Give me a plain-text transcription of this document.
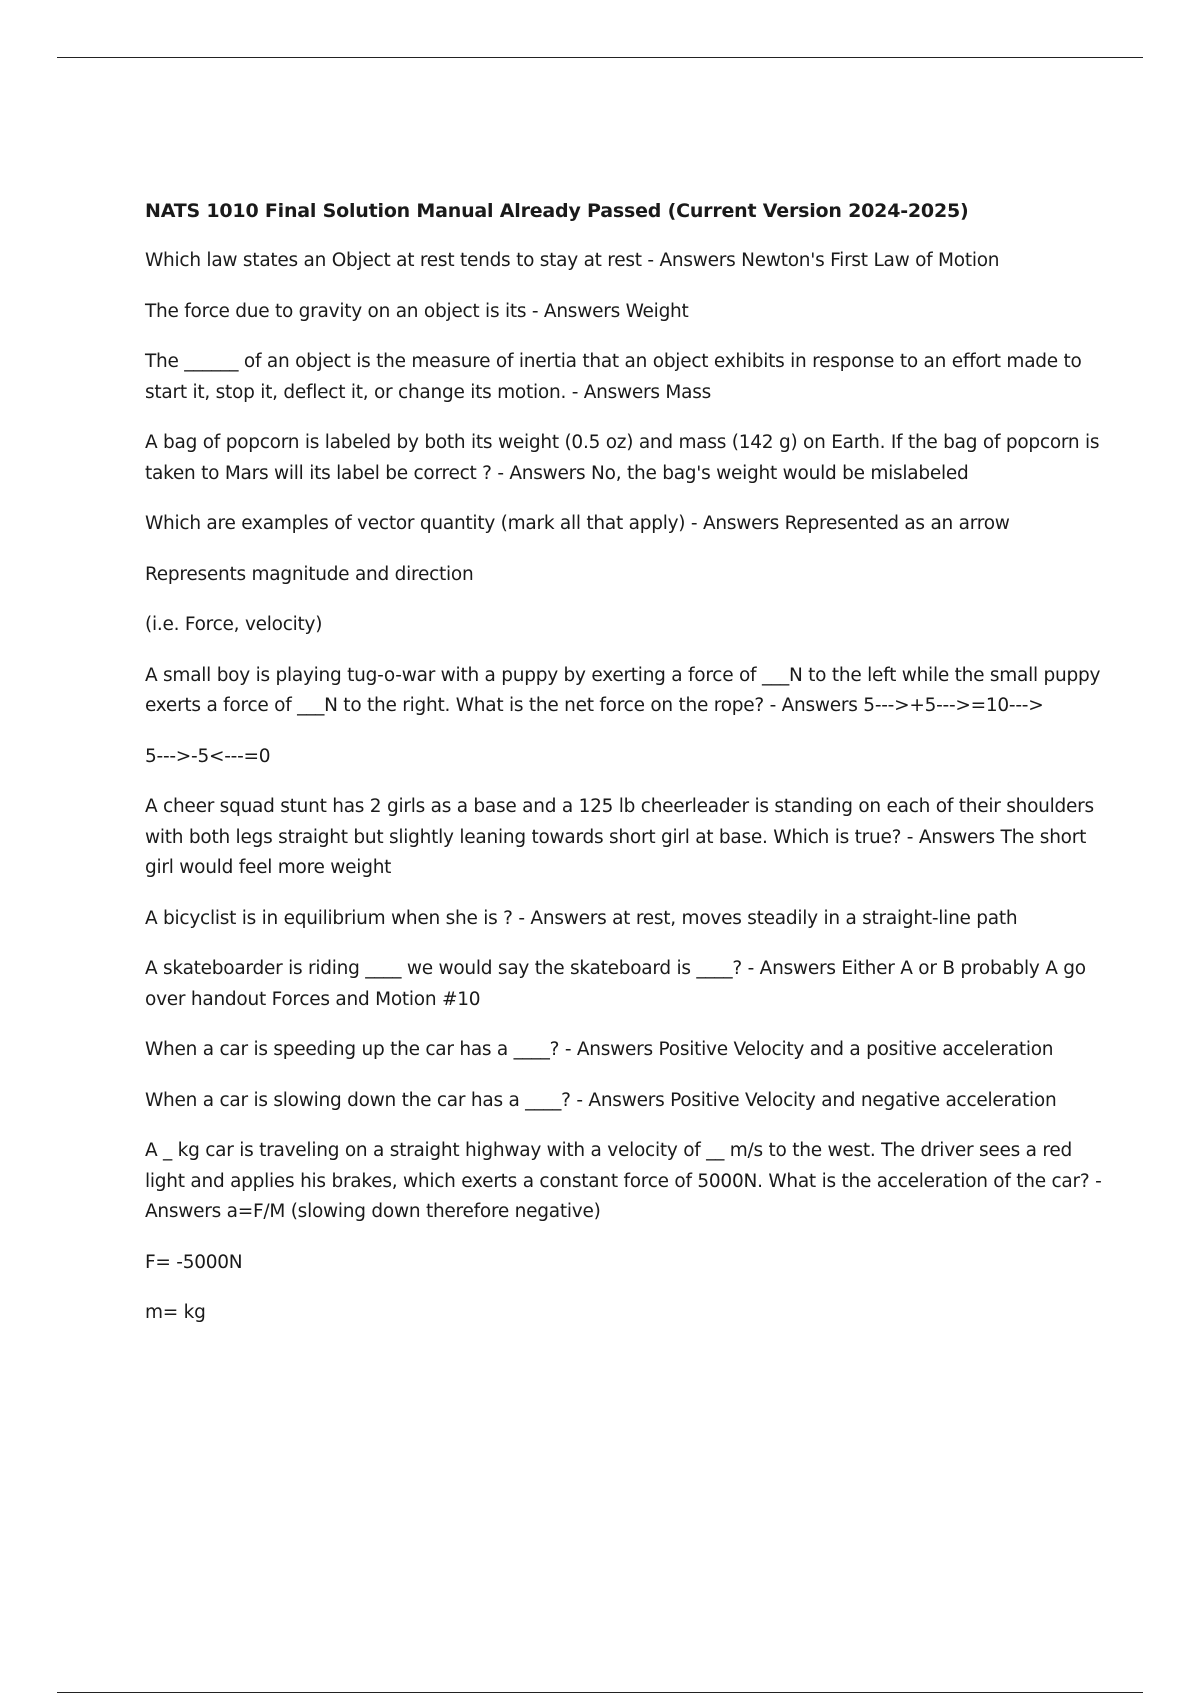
NATS 1010 Final Solution Manual Already Passed (Current Version 2024-2025)

Which law states an Object at rest tends to stay at rest - Answers Newton's First Law of Motion

The force due to gravity on an object is its - Answers Weight

The ______ of an object is the measure of inertia that an object exhibits in response to an effort made to start it, stop it, deflect it, or change its motion. - Answers Mass

A bag of popcorn is labeled by both its weight (0.5 oz) and mass (142 g) on Earth. If the bag of popcorn is taken to Mars will its label be correct ? - Answers No, the bag's weight would be mislabeled

Which are examples of vector quantity (mark all that apply) - Answers Represented as an arrow

Represents magnitude and direction

(i.e. Force, velocity)

A small boy is playing tug-o-war with a puppy by exerting a force of ___N to the left while the small puppy exerts a force of ___N to the right. What is the net force on the rope? - Answers 5--->+5--->=10--->

5--->-5<---=0

A cheer squad stunt has 2 girls as a base and a 125 lb cheerleader is standing on each of their shoulders with both legs straight but slightly leaning towards short girl at base. Which is true? - Answers The short girl would feel more weight

A bicyclist is in equilibrium when she is ? - Answers at rest, moves steadily in a straight-line path

A skateboarder is riding ____ we would say the skateboard is ____? - Answers Either A or B probably A go over handout Forces and Motion #10

When a car is speeding up the car has a ____? - Answers Positive Velocity and a positive acceleration

When a car is slowing down the car has a ____? - Answers Positive Velocity and negative acceleration

A _ kg car is traveling on a straight highway with a velocity of __ m/s to the west. The driver sees a red light and applies his brakes, which exerts a constant force of 5000N. What is the acceleration of the car? - Answers a=F/M (slowing down therefore negative)

F= -5000N

m= kg
